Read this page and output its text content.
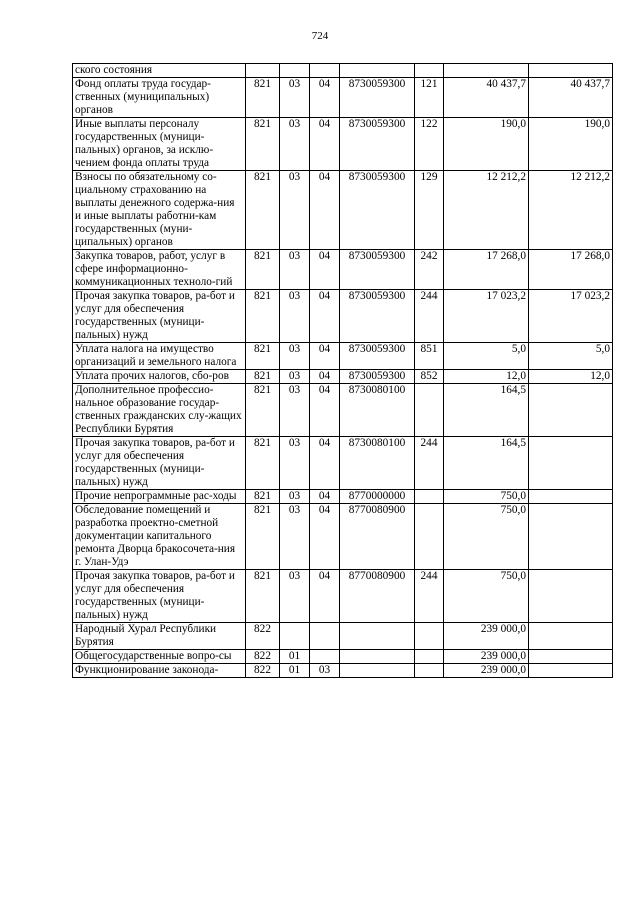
724
ского состояния							
Фонд оплаты труда государ-ственных (муниципальных) органов	821	03	04	8730059300	121	40 437,7	40 437,7
Иные выплаты персоналу государственных (муници-пальных) органов, за исклю-чением фонда оплаты труда	821	03	04	8730059300	122	190,0	190,0
Взносы по обязательному со-циальному страхованию на выплаты денежного содержа-ния и иные выплаты работни-кам государственных (муни-ципальных) органов	821	03	04	8730059300	129	12 212,2	12 212,2
Закупка товаров, работ, услуг в сфере информационно-коммуникационных техноло-гий	821	03	04	8730059300	242	17 268,0	17 268,0
Прочая закупка товаров, ра-бот и услуг для обеспечения государственных (муници-пальных) нужд	821	03	04	8730059300	244	17 023,2	17 023,2
Уплата налога на имущество организаций и земельного налога	821	03	04	8730059300	851	5,0	5,0
Уплата прочих налогов, сбо-ров	821	03	04	8730059300	852	12,0	12,0
Дополнительное профессио-нальное образование государ-ственных гражданских слу-жащих Республики Бурятия	821	03	04	8730080100		164,5	
Прочая закупка товаров, ра-бот и услуг для обеспечения государственных (муници-пальных) нужд	821	03	04	8730080100	244	164,5	
Прочие непрограммные рас-ходы	821	03	04	8770000000		750,0	
Обследование помещений и разработка проектно-сметной документации капитального ремонта Дворца бракосочета-ния г. Улан-Удэ	821	03	04	8770080900		750,0	
Прочая закупка товаров, ра-бот и услуг для обеспечения государственных (муници-пальных) нужд	821	03	04	8770080900	244	750,0	
Народный Хурал Республики Бурятия	822					239 000,0	
Общегосударственные вопро-сы	822	01				239 000,0	
Функционирование законода-	822	01	03			239 000,0	
